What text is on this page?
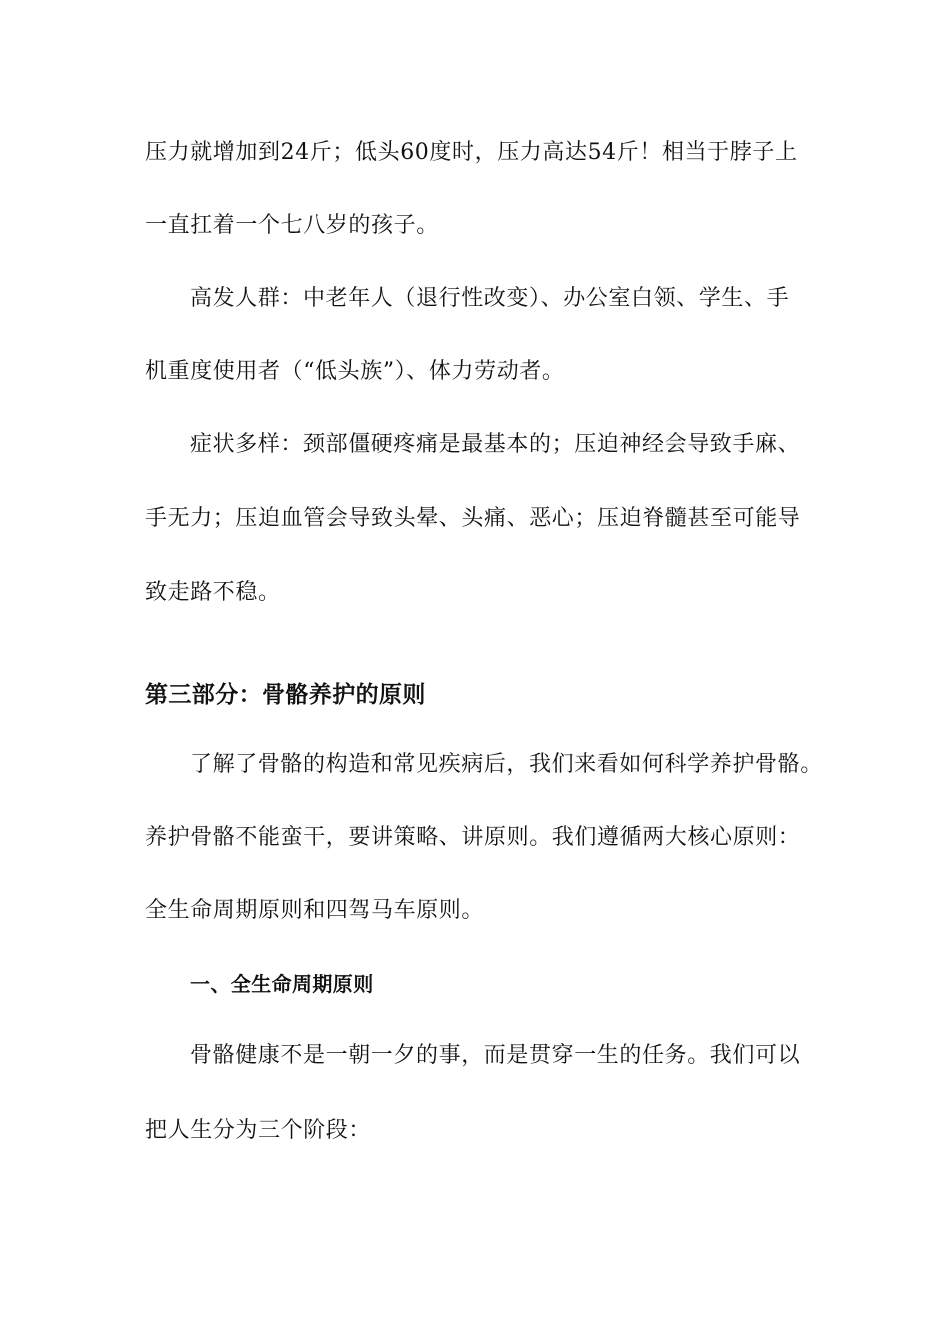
压力就增加到24斤；低头60度时，压力高达54斤！相当于脖子上
一直扛着一个七八岁的孩子。
高发人群：中老年人（退行性改变）、办公室白领、学生、手
机重度使用者（“低头族”）、体力劳动者。
症状多样：颈部僵硬疼痛是最基本的；压迫神经会导致手麻、
手无力；压迫血管会导致头晕、头痛、恶心；压迫脊髓甚至可能导
致走路不稳。
第三部分：骨骼养护的原则
了解了骨骼的构造和常见疾病后，我们来看如何科学养护骨骼。
养护骨骼不能蛮干，要讲策略、讲原则。我们遵循两大核心原则：
全生命周期原则和四驾马车原则。
一、全生命周期原则
骨骼健康不是一朝一夕的事，而是贯穿一生的任务。我们可以
把人生分为三个阶段：
